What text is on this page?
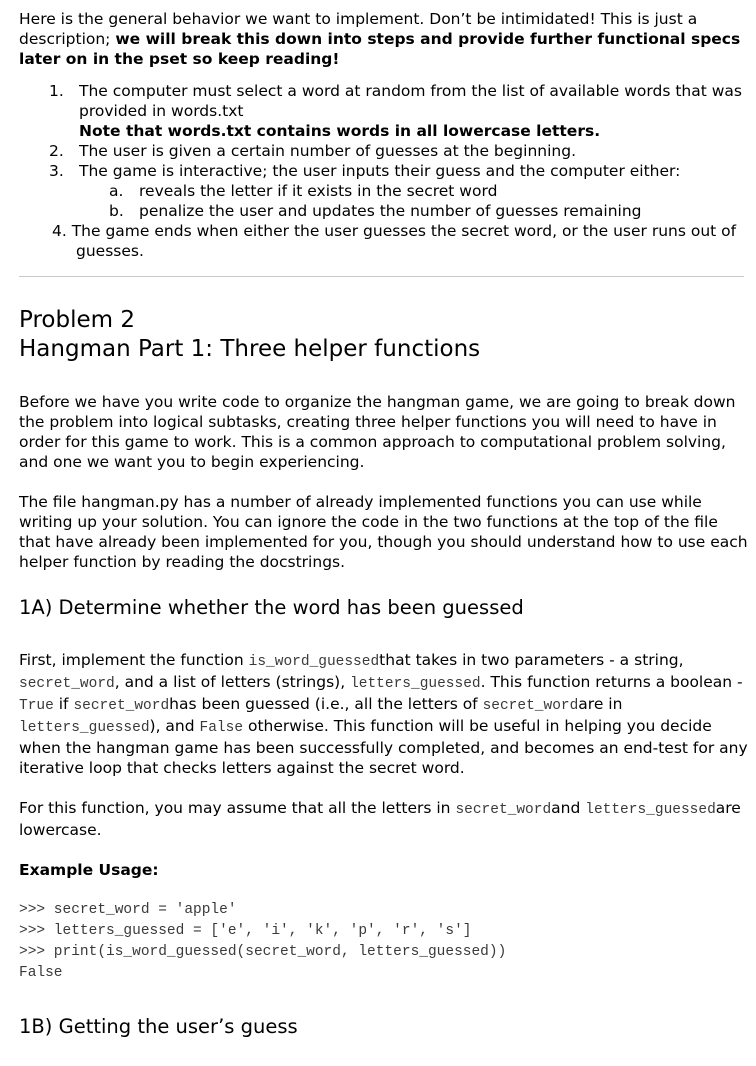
Here is the general behavior we want to implement. Don’t be intimidated! This is just a description; we will break this down into steps and provide further functional specs later on in the pset so keep reading!

1. The computer must select a word at random from the list of available words that was provided in words.txt
Note that words.txt contains words in all lowercase letters.
2. The user is given a certain number of guesses at the beginning.
3. The game is interactive; the user inputs their guess and the computer either:
a. reveals the letter if it exists in the secret word
b. penalize the user and updates the number of guesses remaining

4. The game ends when either the user guesses the secret word, or the user runs out of guesses.

Problem 2
Hangman Part 1: Three helper functions

Before we have you write code to organize the hangman game, we are going to break down the problem into logical subtasks, creating three helper functions you will need to have in order for this game to work. This is a common approach to computational problem solving, and one we want you to begin experiencing.

The file hangman.py has a number of already implemented functions you can use while writing up your solution. You can ignore the code in the two functions at the top of the file that have already been implemented for you, though you should understand how to use each helper function by reading the docstrings.

1A) Determine whether the word has been guessed

First, implement the function is_word_guessedthat takes in two parameters - a string, secret_word, and a list of letters (strings), letters_guessed. This function returns a boolean - True if secret_wordhas been guessed (i.e., all the letters of secret_wordare in letters_guessed), and False otherwise. This function will be useful in helping you decide when the hangman game has been successfully completed, and becomes an end-test for any iterative loop that checks letters against the secret word.

For this function, you may assume that all the letters in secret_wordand letters_guessedare lowercase.

Example Usage:

>>> secret_word = 'apple'
>>> letters_guessed = ['e', 'i', 'k', 'p', 'r', 's']
>>> print(is_word_guessed(secret_word, letters_guessed))
False
1B) Getting the user’s guess
